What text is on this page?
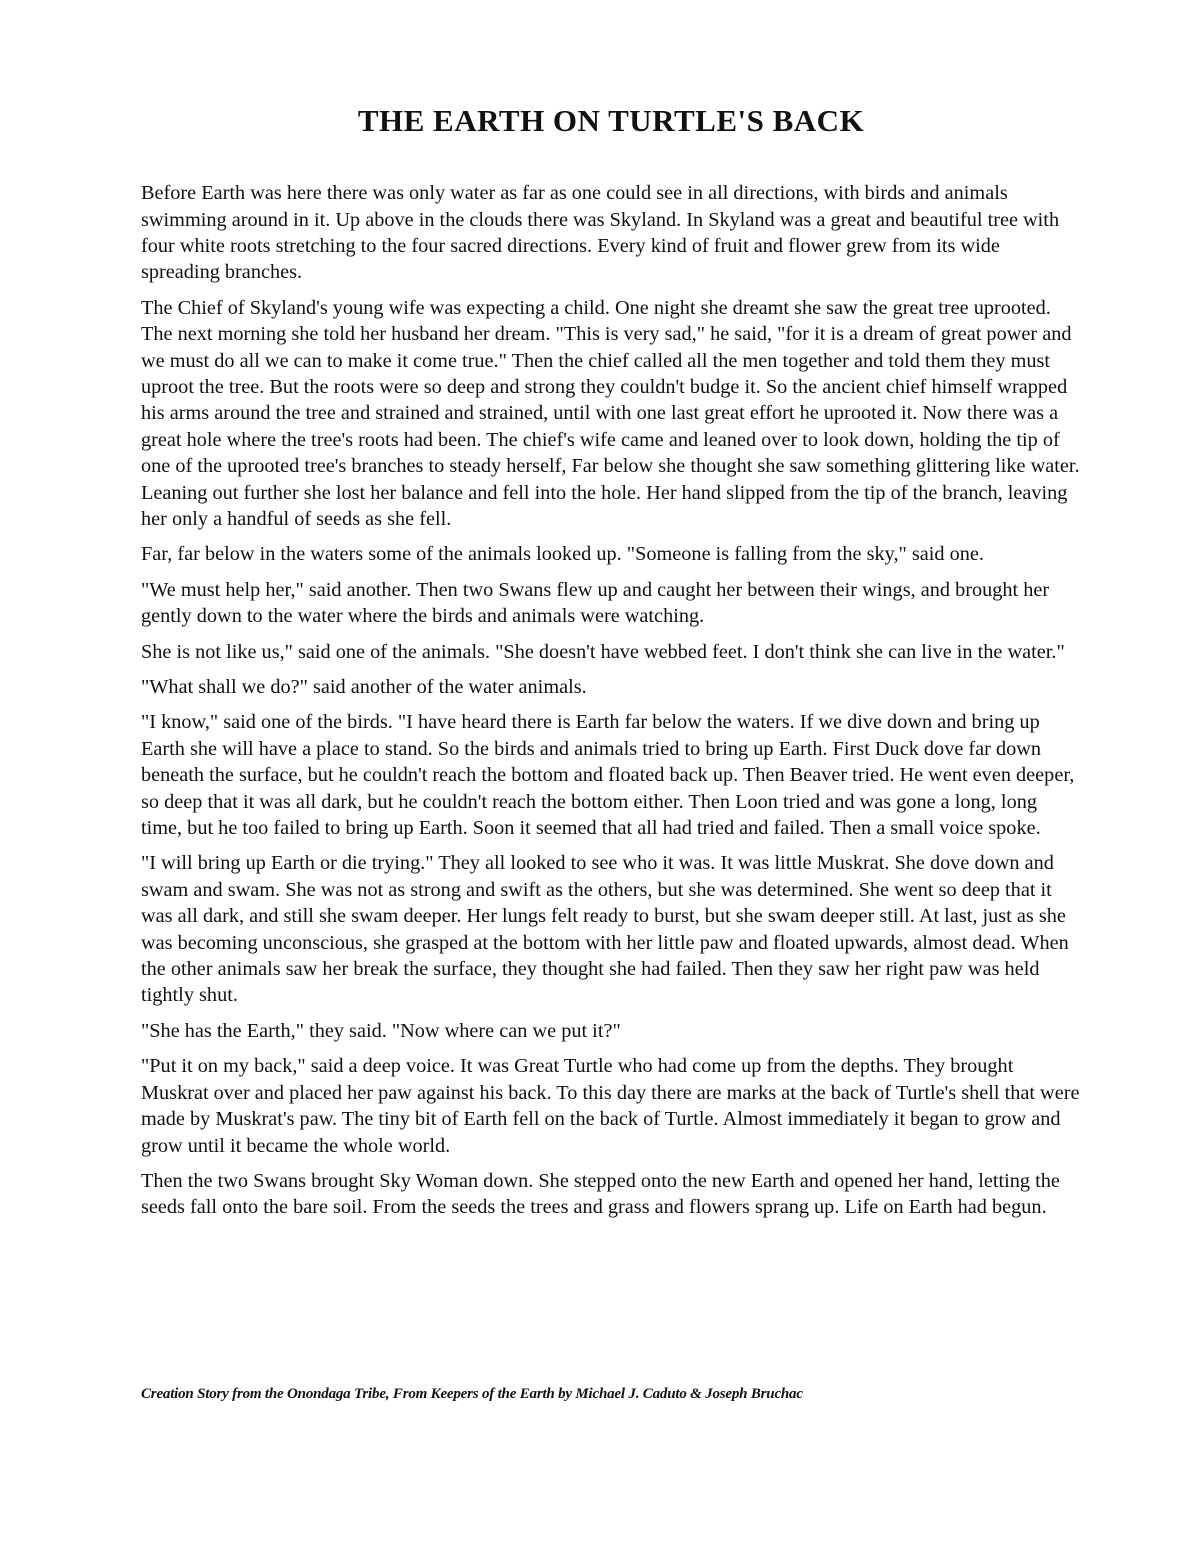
THE EARTH ON TURTLE'S BACK

Before Earth was here there was only water as far as one could see in all directions, with birds and animals swimming around in it. Up above in the clouds there was Skyland. In Skyland was a great and beautiful tree with four white roots stretching to the four sacred directions. Every kind of fruit and flower grew from its wide spreading branches.

The Chief of Skyland's young wife was expecting a child. One night she dreamt she saw the great tree uprooted. The next morning she told her husband her dream. "This is very sad," he said, "for it is a dream of great power and we must do all we can to make it come true." Then the chief called all the men together and told them they must uproot the tree. But the roots were so deep and strong they couldn't budge it. So the ancient chief himself wrapped his arms around the tree and strained and strained, until with one last great effort he uprooted it. Now there was a great hole where the tree's roots had been. The chief's wife came and leaned over to look down, holding the tip of one of the uprooted tree's branches to steady herself, Far below she thought she saw something glittering like water. Leaning out further she lost her balance and fell into the hole. Her hand slipped from the tip of the branch, leaving her only a handful of seeds as she fell.

Far, far below in the waters some of the animals looked up. "Someone is falling from the sky," said one.

"We must help her," said another. Then two Swans flew up and caught her between their wings, and brought her gently down to the water where the birds and animals were watching.

She is not like us," said one of the animals. "She doesn't have webbed feet. I don't think she can live in the water."

"What shall we do?" said another of the water animals.

"I know," said one of the birds. "I have heard there is Earth far below the waters. If we dive down and bring up Earth she will have a place to stand. So the birds and animals tried to bring up Earth. First Duck dove far down beneath the surface, but he couldn't reach the bottom and floated back up. Then Beaver tried. He went even deeper, so deep that it was all dark, but he couldn't reach the bottom either. Then Loon tried and was gone a long, long time, but he too failed to bring up Earth. Soon it seemed that all had tried and failed. Then a small voice spoke.

"I will bring up Earth or die trying." They all looked to see who it was. It was little Muskrat. She dove down and swam and swam. She was not as strong and swift as the others, but she was determined. She went so deep that it was all dark, and still she swam deeper. Her lungs felt ready to burst, but she swam deeper still. At last, just as she was becoming unconscious, she grasped at the bottom with her little paw and floated upwards, almost dead. When the other animals saw her break the surface, they thought she had failed. Then they saw her right paw was held tightly shut.

"She has the Earth," they said. "Now where can we put it?"

"Put it on my back," said a deep voice. It was Great Turtle who had come up from the depths. They brought Muskrat over and placed her paw against his back. To this day there are marks at the back of Turtle's shell that were made by Muskrat's paw. The tiny bit of Earth fell on the back of Turtle. Almost immediately it began to grow and grow until it became the whole world.

Then the two Swans brought Sky Woman down. She stepped onto the new Earth and opened her hand, letting the seeds fall onto the bare soil. From the seeds the trees and grass and flowers sprang up. Life on Earth had begun.

Creation Story from the Onondaga Tribe, From Keepers of the Earth by Michael J. Caduto & Joseph Bruchac
